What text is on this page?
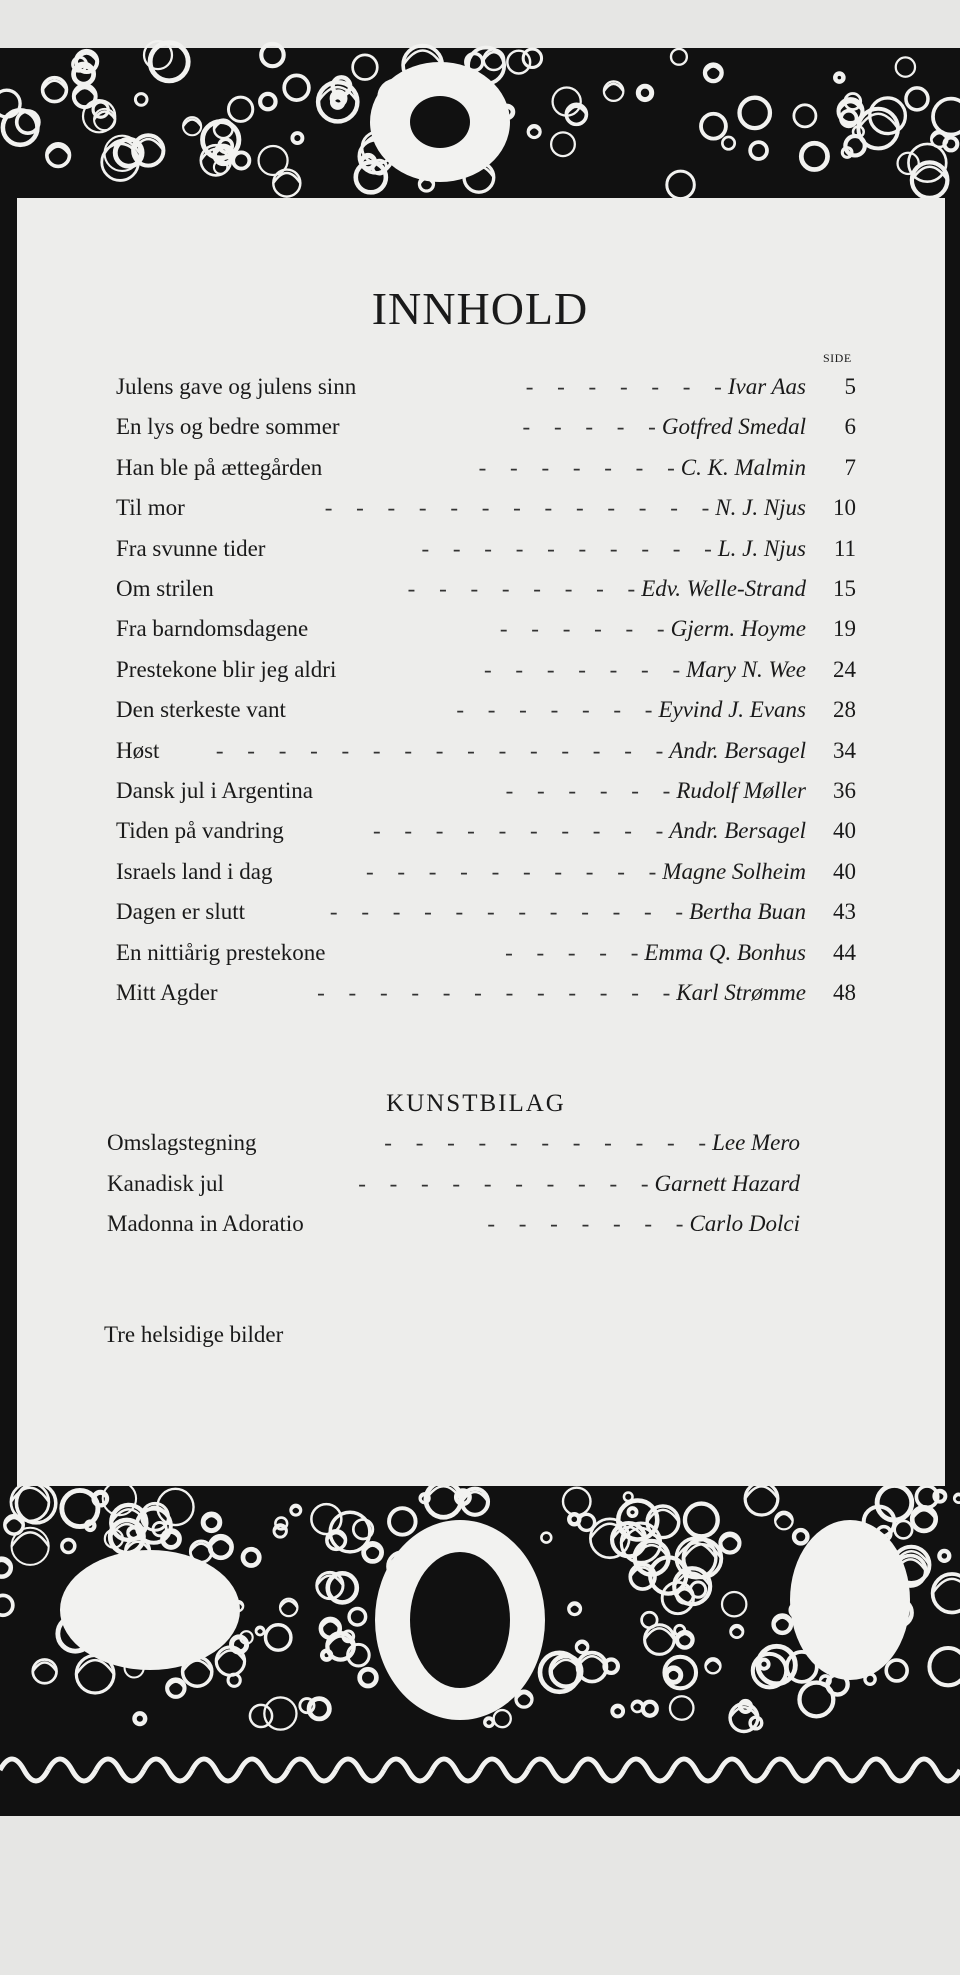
INNHOLD
SIDE
Julens gave og julens sinn	- - - - - - - Ivar Aas	5
En lys og bedre sommer	- - - - - Gotfred Smedal	6
Han ble på ættegården	- - - - - - - C. K. Malmin	7
Til mor	- - - - - - - - - - - - - N. J. Njus	10
Fra svunne tider	- - - - - - - - - - L. J. Njus	11
Om strilen	- - - - - - - - Edv. Welle-Strand	15
Fra barndomsdagene	- - - - - - Gjerm. Hoyme	19
Prestekone blir jeg aldri	- - - - - - - Mary N. Wee	24
Den sterkeste vant	- - - - - - - Eyvind J. Evans	28
Høst	- - - - - - - - - - - - - - - Andr. Bersagel	34
Dansk jul i Argentina	- - - - - - Rudolf Møller	36
Tiden på vandring	- - - - - - - - - - Andr. Bersagel	40
Israels land i dag	- - - - - - - - - - Magne Solheim	40
Dagen er slutt	- - - - - - - - - - - - Bertha Buan	43
En nittiårig prestekone	- - - - - Emma Q. Bonhus	44
Mitt Agder	- - - - - - - - - - - - Karl Strømme	48
KUNSTBILAG
Omslagstegning	- - - - - - - - - - - Lee Mero
Kanadisk jul	- - - - - - - - - - Garnett Hazard
Madonna in Adoratio	- - - - - - - Carlo Dolci
Tre helsidige bilder
